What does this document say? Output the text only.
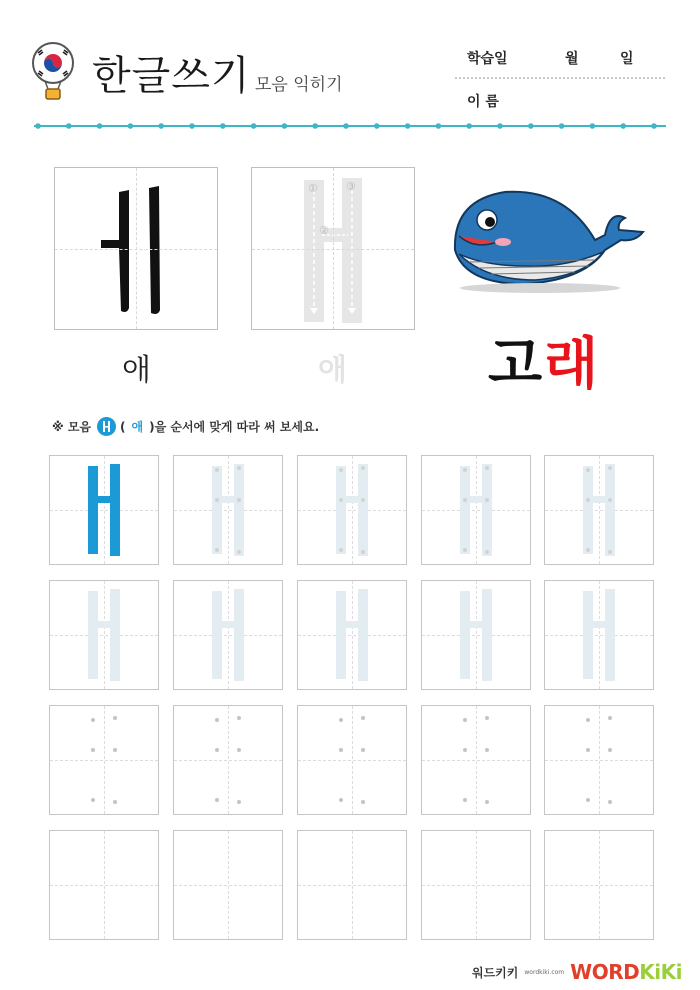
한글쓰기 모음 익히기
학습일	월	일
이 름
애
①
②
③
애	고래
※ 모음 ( 애 )을 순서에 맞게 따라 써 보세요.
워드키키 wordkiki.com WORDKiKi
